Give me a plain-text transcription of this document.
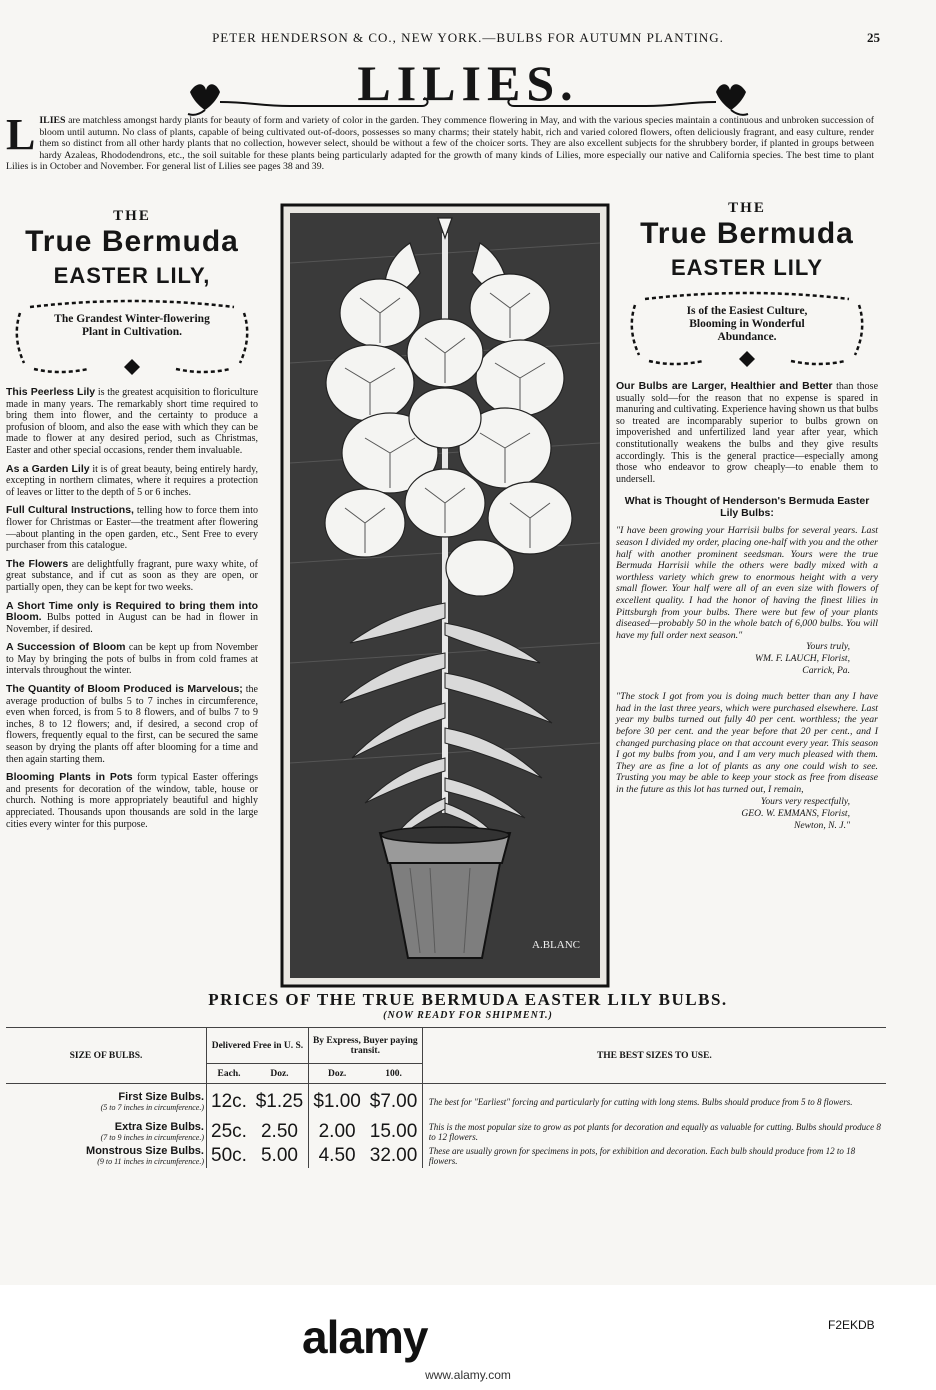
PETER HENDERSON & CO., NEW YORK.—BULBS FOR AUTUMN PLANTING.	25
LILIES.
LILIES are matchless amongst hardy plants for beauty of form and variety of color in the garden. They commence flowering in May, and with the various species maintain a continuous and unbroken succession of bloom until autumn. No class of plants, capable of being cultivated out-of-doors, possesses so many charms; their stately habit, rich and varied colored flowers, often deliciously fragrant, and easy culture, render them so distinct from all other hardy plants that no collection, however select, should be without a few of the choicer sorts. They are also excellent subjects for the shrubbery border, if planted in groups between hardy Azaleas, Rhododendrons, etc., the soil suitable for these plants being particularly adapted for the growth of many kinds of Lilies, more especially our native and California species. The best time to plant Lilies is in October and November. For general list of Lilies see pages 38 and 39.
THE
True Bermuda
EASTER LILY,
The Grandest Winter-flowering Plant in Cultivation.

This Peerless Lily is the greatest acquisition to floriculture made in many years. The remarkably short time required to bring them into flower, and the certainty to produce a profusion of bloom, and also the ease with which they can be made to flower at any desired period, such as Christmas, Easter and other special occasions, render them invaluable.

As a Garden Lily it is of great beauty, being entirely hardy, excepting in northern climates, where it requires a protection of leaves or litter to the depth of 5 or 6 inches.

Full Cultural Instructions, telling how to force them into flower for Christmas or Easter—the treatment after flowering—about planting in the open garden, etc., Sent Free to every purchaser from this catalogue.

The Flowers are delightfully fragrant, pure waxy white, of great substance, and if cut as soon as they are open, or partially open, they can be kept for two weeks.

A Short Time only is Required to bring them into Bloom. Bulbs potted in August can be had in flower in November, if desired.

A Succession of Bloom can be kept up from November to May by bringing the pots of bulbs in from cold frames at intervals throughout the winter.

The Quantity of Bloom Produced is Marvelous; the average production of bulbs 5 to 7 inches in circumference, even when forced, is from 5 to 8 flowers, and of bulbs 7 to 9 inches, 8 to 12 flowers; and, if desired, a second crop of flowers, frequently equal to the first, can be secured the same season by drying the plants off after blooming for a time and then again starting them.

Blooming Plants in Pots form typical Easter offerings and presents for decoration of the window, table, house or church. Nothing is more appropriately beautiful and highly appreciated. Thousands upon thousands are sold in the large cities every winter for this purpose.

A.BLANC
THE
True Bermuda
EASTER LILY
Is of the Easiest Culture, Blooming in Wonderful Abundance.

Our Bulbs are Larger, Healthier and Better than those usually sold—for the reason that no expense is spared in manuring and cultivating. Experience having shown us that bulbs so treated are incomparably superior to bulbs grown on impoverished and unfertilized land year after year, which constitutionally weakens the bulbs and they give results accordingly. This is the general practice—especially among those who endeavor to grow cheaply—to enable them to undersell.

What is Thought of Henderson's Bermuda Easter Lily Bulbs:

"I have been growing your Harrisii bulbs for several years. Last season I divided my order, placing one-half with you and the other half with another prominent seedsman. Yours were the true Bermuda Harrisii while the others were badly mixed with a worthless variety which grew to enormous height with a very small flower. Your half were all of an even size with flowers of excellent quality. I had the honor of having the finest lilies in Pittsburgh from your bulbs. There were but few of your plants diseased—probably 50 in the whole batch of 6,000 bulbs. You will have my full order next season."

Yours truly,
WM. F. LAUCH, Florist,
Carrick, Pa.

"The stock I got from you is doing much better than any I have had in the last three years, which were purchased elsewhere. Last year my bulbs turned out fully 40 per cent. worthless; the year before 30 per cent. and the year before that 20 per cent., and I changed purchasing place on that account every year. This season I got my bulbs from you, and I am very much pleased with them. They are as fine a lot of plants as any one could wish to see. Trusting you may be able to keep your stock as free from disease in the future as this lot has turned out, I remain,

Yours very respectfully,
GEO. W. EMMANS, Florist,
Newton, N. J."
PRICES OF THE TRUE BERMUDA EASTER LILY BULBS.
(NOW READY FOR SHIPMENT.)
SIZE OF BULBS.	Delivered Free in U. S.		By Express, Buyer paying transit.		THE BEST SIZES TO USE.
	Each.	Doz.	Doz.	100.	

First Size Bulbs.
(5 to 7 inches in circumference.)	12c.	$1.25	$1.00	$7.00	The best for "Earliest" forcing and particularly for cutting with long stems. Bulbs should produce from 5 to 8 flowers.

Extra Size Bulbs.
(7 to 9 inches in circumference.)	25c.	2.50	2.00	15.00	This is the most popular size to grow as pot plants for decoration and equally as valuable for cutting. Bulbs should produce 8 to 12 flowers.

Monstrous Size Bulbs.
(9 to 11 inches in circumference.)	50c.	5.00	4.50	32.00	These are usually grown for specimens in pots, for exhibition and decoration. Each bulb should produce from 12 to 18 flowers.
alamy	F2EKDB
www.alamy.com
